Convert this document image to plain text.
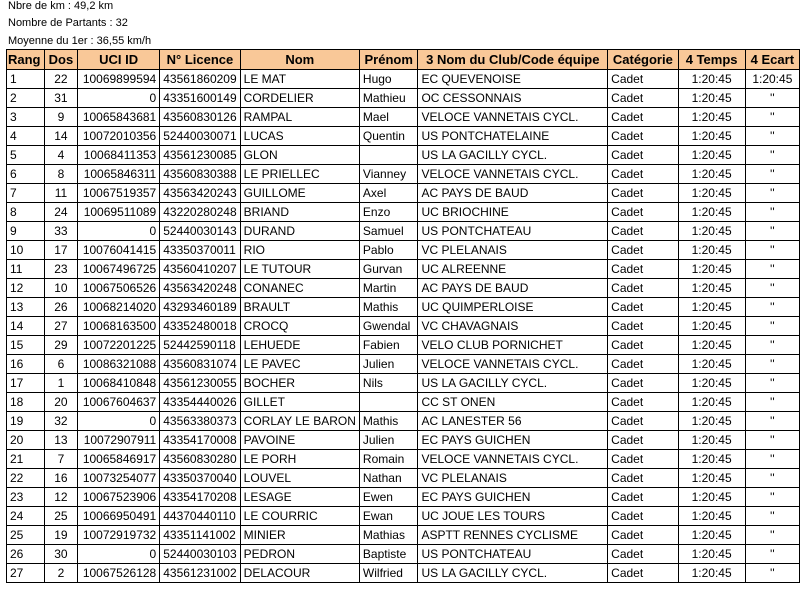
Nbre de km : 49,2 km
Nombre de Partants : 32
Moyenne du 1er : 36,55 km/h
Rang	Dos	UCI ID	N° Licence	Nom	Prénom	3 Nom du Club/Code équipe	Catégorie	4 Temps	4 Ecart
1	22	10069899594	43561860209	LE MAT	Hugo	EC QUEVENOISE	Cadet	1:20:45	1:20:45
2	31	0	43351600149	CORDELIER	Mathieu	OC CESSONNAIS	Cadet	1:20:45	''
3	9	10065843681	43560830126	RAMPAL	Mael	VELOCE VANNETAIS CYCL.	Cadet	1:20:45	''
4	14	10072010356	52440030071	LUCAS	Quentin	US PONTCHATELAINE	Cadet	1:20:45	''
5	4	10068411353	43561230085	GLON		US LA GACILLY CYCL.	Cadet	1:20:45	''
6	8	10065846311	43560830388	LE PRIELLEC	Vianney	VELOCE VANNETAIS CYCL.	Cadet	1:20:45	''
7	11	10067519357	43563420243	GUILLOME	Axel	AC PAYS DE BAUD	Cadet	1:20:45	''
8	24	10069511089	43220280248	BRIAND	Enzo	UC BRIOCHINE	Cadet	1:20:45	''
9	33	0	52440030143	DURAND	Samuel	US PONTCHATEAU	Cadet	1:20:45	''
10	17	10076041415	43350370011	RIO	Pablo	VC PLELANAIS	Cadet	1:20:45	''
11	23	10067496725	43560410207	LE TUTOUR	Gurvan	UC ALREENNE	Cadet	1:20:45	''
12	10	10067506526	43563420248	CONANEC	Martin	AC PAYS DE BAUD	Cadet	1:20:45	''
13	26	10068214020	43293460189	BRAULT	Mathis	UC QUIMPERLOISE	Cadet	1:20:45	''
14	27	10068163500	43352480018	CROCQ	Gwendal	VC CHAVAGNAIS	Cadet	1:20:45	''
15	29	10072201225	52442590118	LEHUEDE	Fabien	VELO CLUB PORNICHET	Cadet	1:20:45	''
16	6	10086321088	43560831074	LE PAVEC	Julien	VELOCE VANNETAIS CYCL.	Cadet	1:20:45	''
17	1	10068410848	43561230055	BOCHER	Nils	US LA GACILLY CYCL.	Cadet	1:20:45	''
18	20	10067604637	43354440026	GILLET		CC ST ONEN	Cadet	1:20:45	''
19	32	0	43563380373	CORLAY LE BARON	Mathis	AC LANESTER 56	Cadet	1:20:45	''
20	13	10072907911	43354170008	PAVOINE	Julien	EC PAYS GUICHEN	Cadet	1:20:45	''
21	7	10065846917	43560830280	LE PORH	Romain	VELOCE VANNETAIS CYCL.	Cadet	1:20:45	''
22	16	10073254077	43350370040	LOUVEL	Nathan	VC PLELANAIS	Cadet	1:20:45	''
23	12	10067523906	43354170208	LESAGE	Ewen	EC PAYS GUICHEN	Cadet	1:20:45	''
24	25	10066950491	44370440110	LE COURRIC	Ewan	UC JOUE LES TOURS	Cadet	1:20:45	''
25	19	10072919732	43351141002	MINIER	Mathias	ASPTT RENNES CYCLISME	Cadet	1:20:45	''
26	30	0	52440030103	PEDRON	Baptiste	US PONTCHATEAU	Cadet	1:20:45	''
27	2	10067526128	43561231002	DELACOUR	Wilfried	US LA GACILLY CYCL.	Cadet	1:20:45	''
